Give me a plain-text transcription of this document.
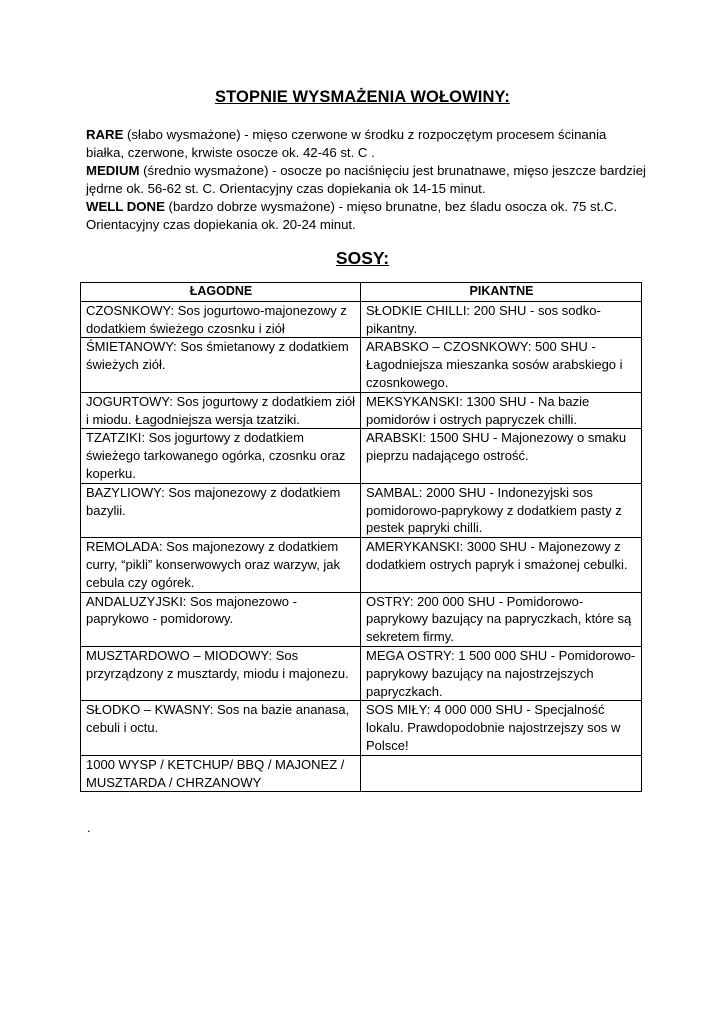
STOPNIE WYSMAŻENIA WOŁOWINY:

RARE (słabo wysmażone) - mięso czerwone w środku z rozpoczętym procesem ścinania białka, czerwone, krwiste osocze ok. 42-46 st. C .

MEDIUM (średnio wysmażone) - osocze po naciśnięciu jest brunatnawe, mięso jeszcze bardziej jędrne ok. 56-62 st. C. Orientacyjny czas dopiekania ok 14-15 minut.

WELL DONE (bardzo dobrze wysmażone) - mięso brunatne, bez śladu osocza ok. 75 st.C. Orientacyjny czas dopiekania ok. 20-24 minut.

SOSY:
ŁAGODNE	PIKANTNE
CZOSNKOWY: Sos jogurtowo-majonezowy z dodatkiem świeżego czosnku i ziół	SŁODKIE CHILLI: 200 SHU - sos sodko-pikantny.
ŚMIETANOWY: Sos śmietanowy z dodatkiem świeżych ziół.	ARABSKO – CZOSNKOWY: 500 SHU - Łagodniejsza mieszanka sosów arabskiego i czosnkowego.
JOGURTOWY: Sos jogurtowy z dodatkiem ziół i miodu. Łagodniejsza wersja tzatziki.	MEKSYKANSKI: 1300 SHU - Na bazie pomidorów i ostrych papryczek chilli.
TZATZIKI: Sos jogurtowy z dodatkiem świeżego tarkowanego ogórka, czosnku oraz koperku.	ARABSKI: 1500 SHU - Majonezowy o smaku pieprzu nadającego ostrość.
BAZYLIOWY: Sos majonezowy z dodatkiem bazylii.	SAMBAL: 2000 SHU - Indonezyjski sos pomidorowo-paprykowy z dodatkiem pasty z pestek papryki chilli.
REMOLADA: Sos majonezowy z dodatkiem curry, “pikli” konserwowych oraz warzyw, jak cebula czy ogórek.	AMERYKANSKI: 3000 SHU - Majonezowy z dodatkiem ostrych papryk i smażonej cebulki.
ANDALUZYJSKI: Sos majonezowo - paprykowo - pomidorowy.	OSTRY: 200 000 SHU - Pomidorowo-paprykowy bazujący na papryczkach, które są sekretem firmy.
MUSZTARDOWO – MIODOWY: Sos przyrządzony z musztardy, miodu i majonezu.	MEGA OSTRY: 1 500 000 SHU - Pomidorowo-paprykowy bazujący na najostrzejszych papryczkach.
SŁODKO – KWASNY: Sos na bazie ananasa, cebuli i octu.	SOS MIŁY: 4 000 000 SHU - Specjalność lokalu. Prawdopodobnie najostrzejszy sos w Polsce!
1000 WYSP / KETCHUP/ BBQ / MAJONEZ / MUSZTARDA / CHRZANOWY	
.
